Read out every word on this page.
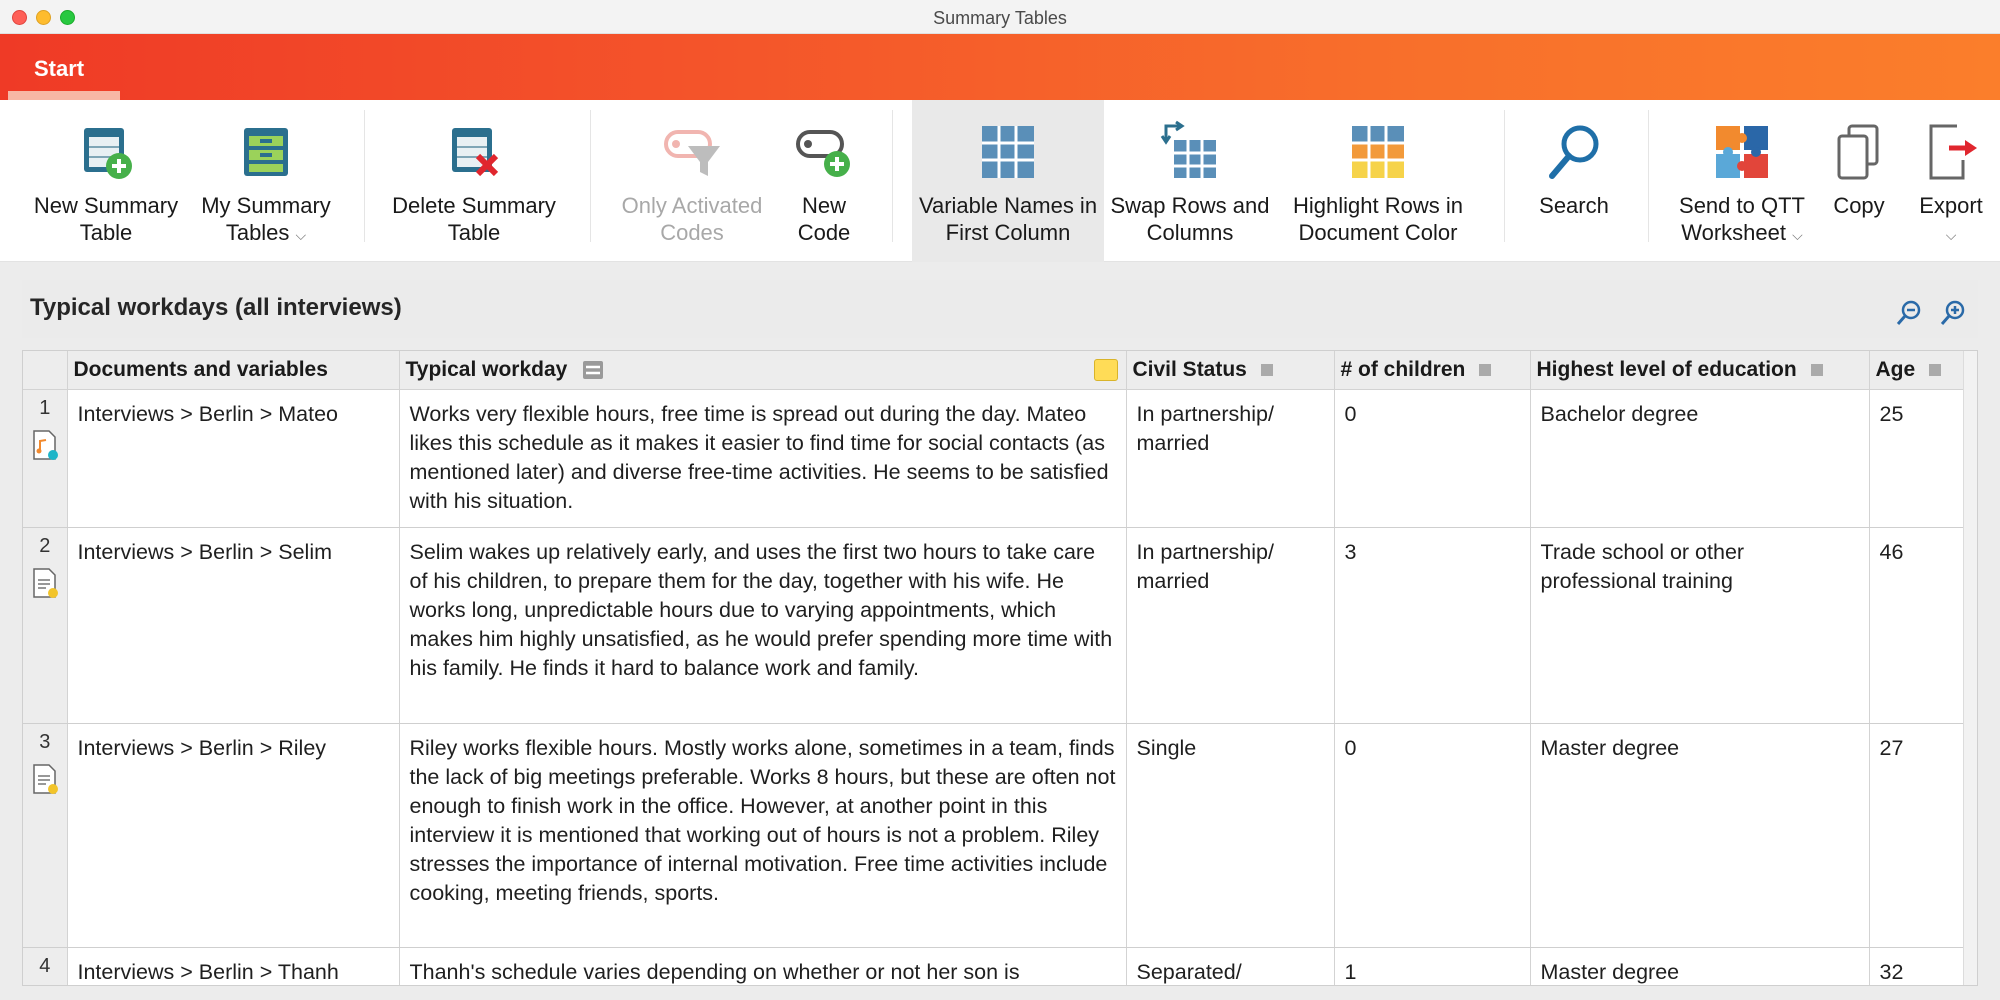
Summary Tables
Start
New Summary
Table
My Summary
Tables ⌵
Delete Summary
Table
Only Activated
Codes
New
Code
Variable Names in
First Column
Swap Rows and
Columns
Highlight Rows in
Document Color
Search	Send to QTT
Worksheet ⌵
Copy	Export
⌵
Typical workdays (all interviews)
	Documents and variables	Typical workday	Civil Status	# of children	Highest level of education	Age
1	Interviews > Berlin > Mateo	Works very flexible hours, free time is spread out during the day. Mateo likes this schedule as it makes it easier to find time for social contacts (as mentioned later) and diverse free-time activities. He seems to be satisfied with his situation.	In partnership/ married	0	Bachelor degree	25
2	Interviews > Berlin > Selim	Selim wakes up relatively early, and uses the first two hours to take care of his children, to prepare them for the day, together with his wife. He works long, unpredictable hours due to varying appointments, which makes him highly unsatisfied, as he would prefer spending more time with his family. He finds it hard to balance work and family.	In partnership/ married	3	Trade school or other professional training	46
3	Interviews > Berlin > Riley	Riley works flexible hours. Mostly works alone, sometimes in a team, finds the lack of big meetings preferable. Works 8 hours, but these are often not enough to finish work in the office. However, at another point in this interview it is mentioned that working out of hours is not a problem. Riley stresses the importance of internal motivation. Free time activities include cooking, meeting friends, sports.	Single	0	Master degree	27
4	Interviews > Berlin > Thanh	Thanh's schedule varies depending on whether or not her son is	Separated/	1	Master degree	32
